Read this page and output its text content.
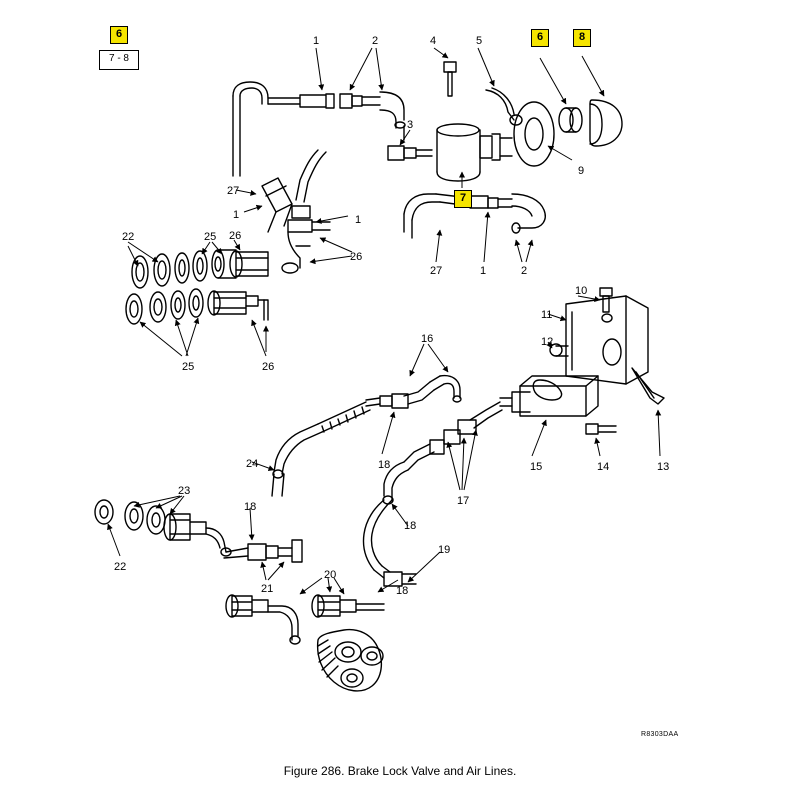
6
7 - 8
6	8
7
1	2	4	5
3
9
27
1	1
22	25 26
26
27	1	2
25	26
10
11
12
16
18
24	15	14	13
17
23
18
18
22
21
20
19
18
R8303DAA
Figure 286. Brake Lock Valve and Air Lines.
